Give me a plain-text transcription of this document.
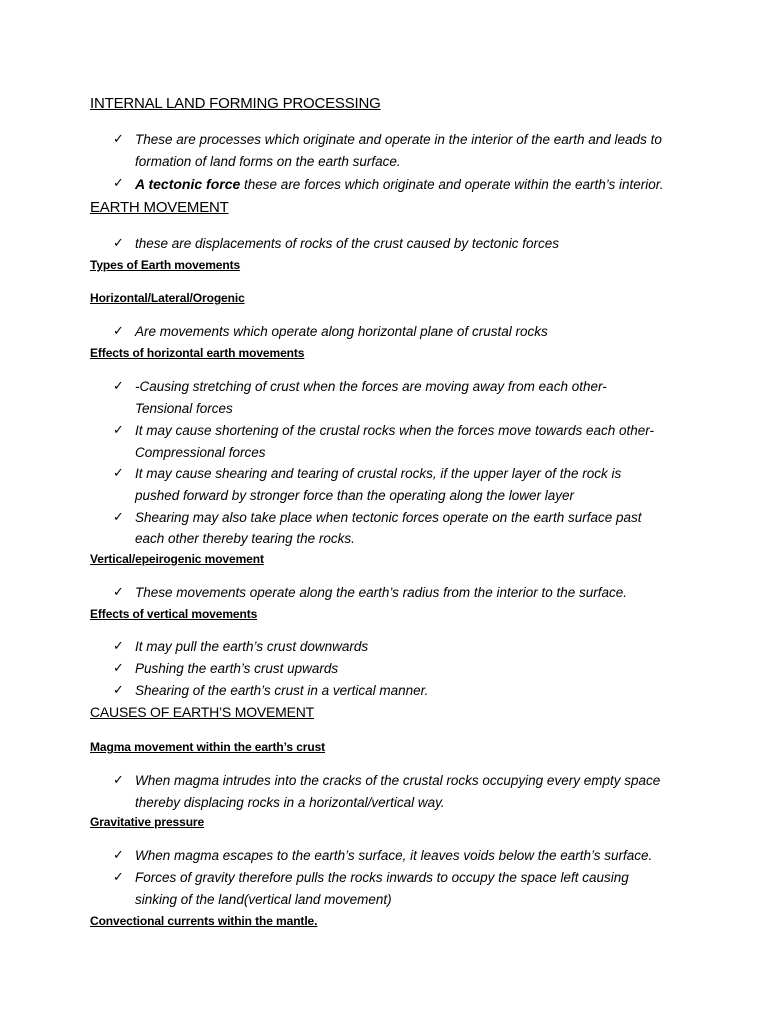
INTERNAL LAND FORMING PROCESSING
✓ These are processes which originate and operate in the interior of the earth and leads to
formation of land forms on the earth surface.
✓ A tectonic force these are forces which originate and operate within the earth’s interior.
EARTH MOVEMENT
✓ these are displacements of rocks of the crust caused by tectonic forces
Types of Earth movements
Horizontal/Lateral/Orogenic
✓ Are movements which operate along horizontal plane of crustal rocks
Effects of horizontal earth movements
✓ -Causing stretching of crust when the forces are moving away from each other-
Tensional forces
✓ It may cause shortening of the crustal rocks when the forces move towards each other-
Compressional forces
✓ It may cause shearing and tearing of crustal rocks, if the upper layer of the rock is
pushed forward by stronger force than the operating along the lower layer
✓ Shearing may also take place when tectonic forces operate on the earth surface past
each other thereby tearing the rocks.
Vertical/epeirogenic movement
✓ These movements operate along the earth’s radius from the interior to the surface.
Effects of vertical movements
✓ It may pull the earth’s crust downwards
✓ Pushing the earth’s crust upwards
✓ Shearing of the earth’s crust in a vertical manner.
CAUSES OF EARTH’S MOVEMENT
Magma movement within the earth’s crust
✓ When magma intrudes into the cracks of the crustal rocks occupying every empty space
thereby displacing rocks in a horizontal/vertical way.
Gravitative pressure
✓ When magma escapes to the earth’s surface, it leaves voids below the earth’s surface.
✓ Forces of gravity therefore pulls the rocks inwards to occupy the space left causing
sinking of the land(vertical land movement)
Convectional currents within the mantle.
